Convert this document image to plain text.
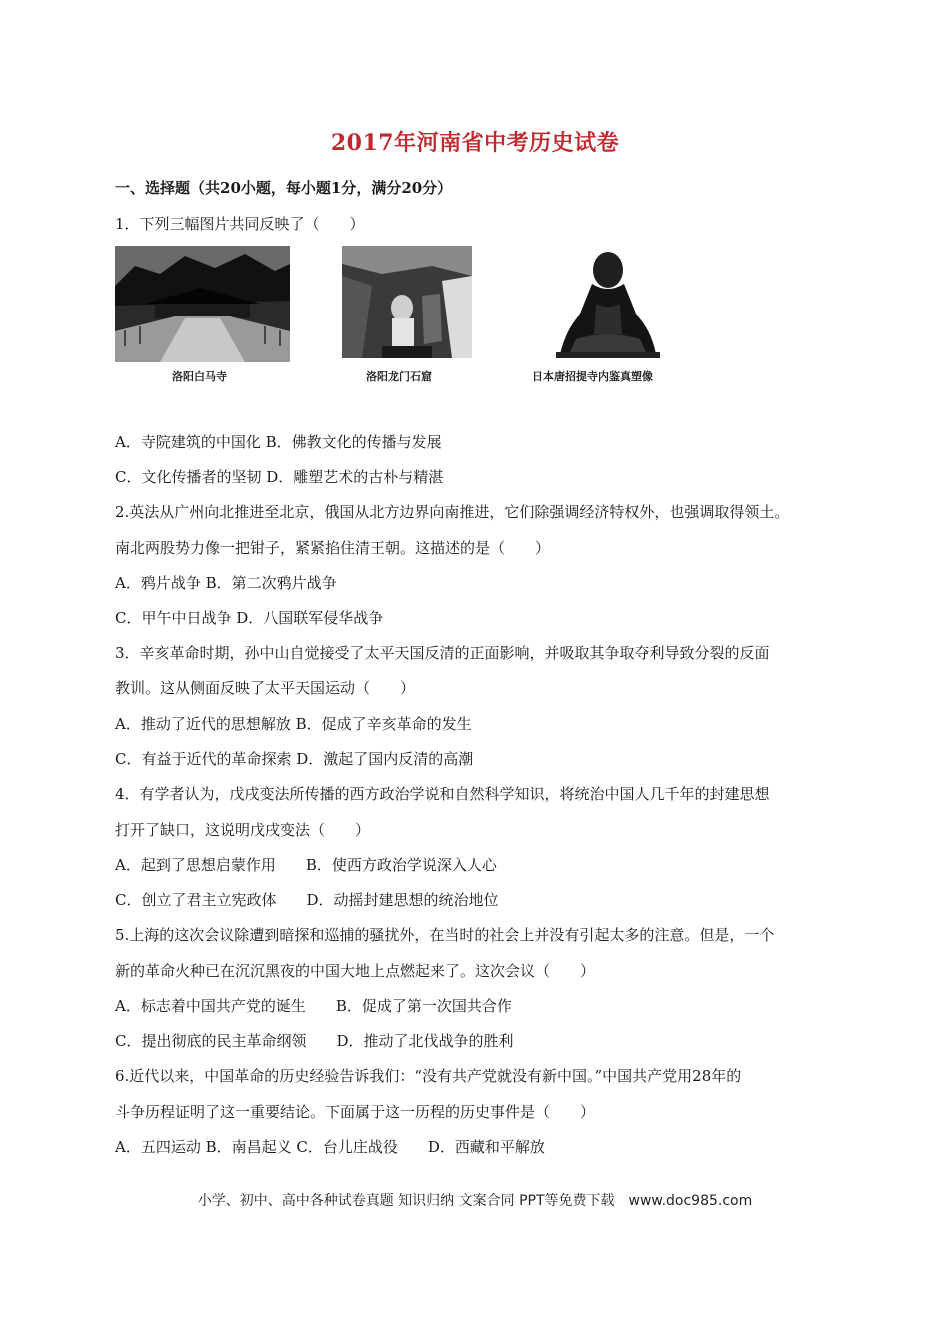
2017年河南省中考历史试卷
一、选择题（共20小题，每小题1分，满分20分）
1．下列三幅图片共同反映了（　　）
洛阳白马寺	洛阳龙门石窟	日本唐招提寺内鉴真塑像
A．寺院建筑的中国化 B．佛教文化的传播与发展
C．文化传播者的坚韧 D．雕塑艺术的古朴与精湛
2.英法从广州向北推进至北京，俄国从北方边界向南推进，它们除强调经济特权外，也强调取得领土。
南北两股势力像一把钳子，紧紧掐住清王朝。这描述的是（　　）
A．鸦片战争 B．第二次鸦片战争
C．甲午中日战争 D．八国联军侵华战争
3．辛亥革命时期，孙中山自觉接受了太平天国反清的正面影响，并吸取其争取夺利导致分裂的反面
教训。这从侧面反映了太平天国运动（　　）
A．推动了近代的思想解放 B．促成了辛亥革命的发生
C．有益于近代的革命探索 D．激起了国内反清的高潮
4．有学者认为，戊戌变法所传播的西方政治学说和自然科学知识，将统治中国人几千年的封建思想
打开了缺口，这说明戊戌变法（　　）
A．起到了思想启蒙作用　　B．使西方政治学说深入人心
C．创立了君主立宪政体　　D．动摇封建思想的统治地位
5.上海的这次会议除遭到暗探和巡捕的骚扰外，在当时的社会上并没有引起太多的注意。但是，一个
新的革命火种已在沉沉黑夜的中国大地上点燃起来了。这次会议（　　）
A．标志着中国共产党的诞生　　B．促成了第一次国共合作
C．提出彻底的民主革命纲领　　D．推动了北伐战争的胜利
6.近代以来，中国革命的历史经验告诉我们：“没有共产党就没有新中国。”中国共产党用28年的
斗争历程证明了这一重要结论。下面属于这一历程的历史事件是（　　）
A．五四运动 B．南昌起义 C．台儿庄战役　　D．西藏和平解放
小学、初中、高中各种试卷真题 知识归纳 文案合同 PPT等免费下载　www.doc985.com
